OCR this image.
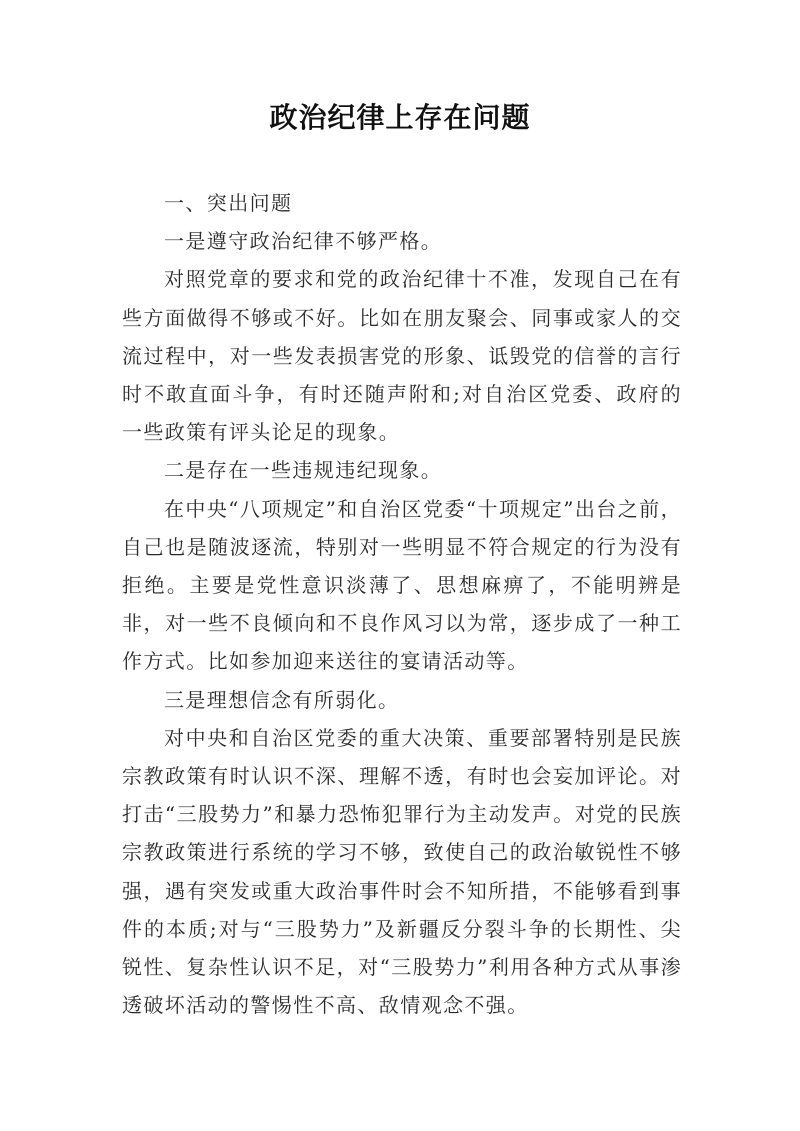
政治纪律上存在问题

一、突出问题

一是遵守政治纪律不够严格。

对照党章的要求和党的政治纪律十不准，发现自己在有些方面做得不够或不好。比如在朋友聚会、同事或家人的交流过程中，对一些发表损害党的形象、诋毁党的信誉的言行时不敢直面斗争，有时还随声附和;对自治区党委、政府的一些政策有评头论足的现象。

二是存在一些违规违纪现象。

在中央“八项规定”和自治区党委“十项规定”出台之前，自己也是随波逐流，特别对一些明显不符合规定的行为没有拒绝。主要是党性意识淡薄了、思想麻痹了，不能明辨是非，对一些不良倾向和不良作风习以为常，逐步成了一种工作方式。比如参加迎来送往的宴请活动等。

三是理想信念有所弱化。

对中央和自治区党委的重大决策、重要部署特别是民族宗教政策有时认识不深、理解不透，有时也会妄加评论。对打击“三股势力”和暴力恐怖犯罪行为主动发声。对党的民族宗教政策进行系统的学习不够，致使自己的政治敏锐性不够强，遇有突发或重大政治事件时会不知所措，不能够看到事件的本质;对与“三股势力”及新疆反分裂斗争的长期性、尖锐性、复杂性认识不足，对“三股势力”利用各种方式从事渗透破坏活动的警惕性不高、敌情观念不强。
